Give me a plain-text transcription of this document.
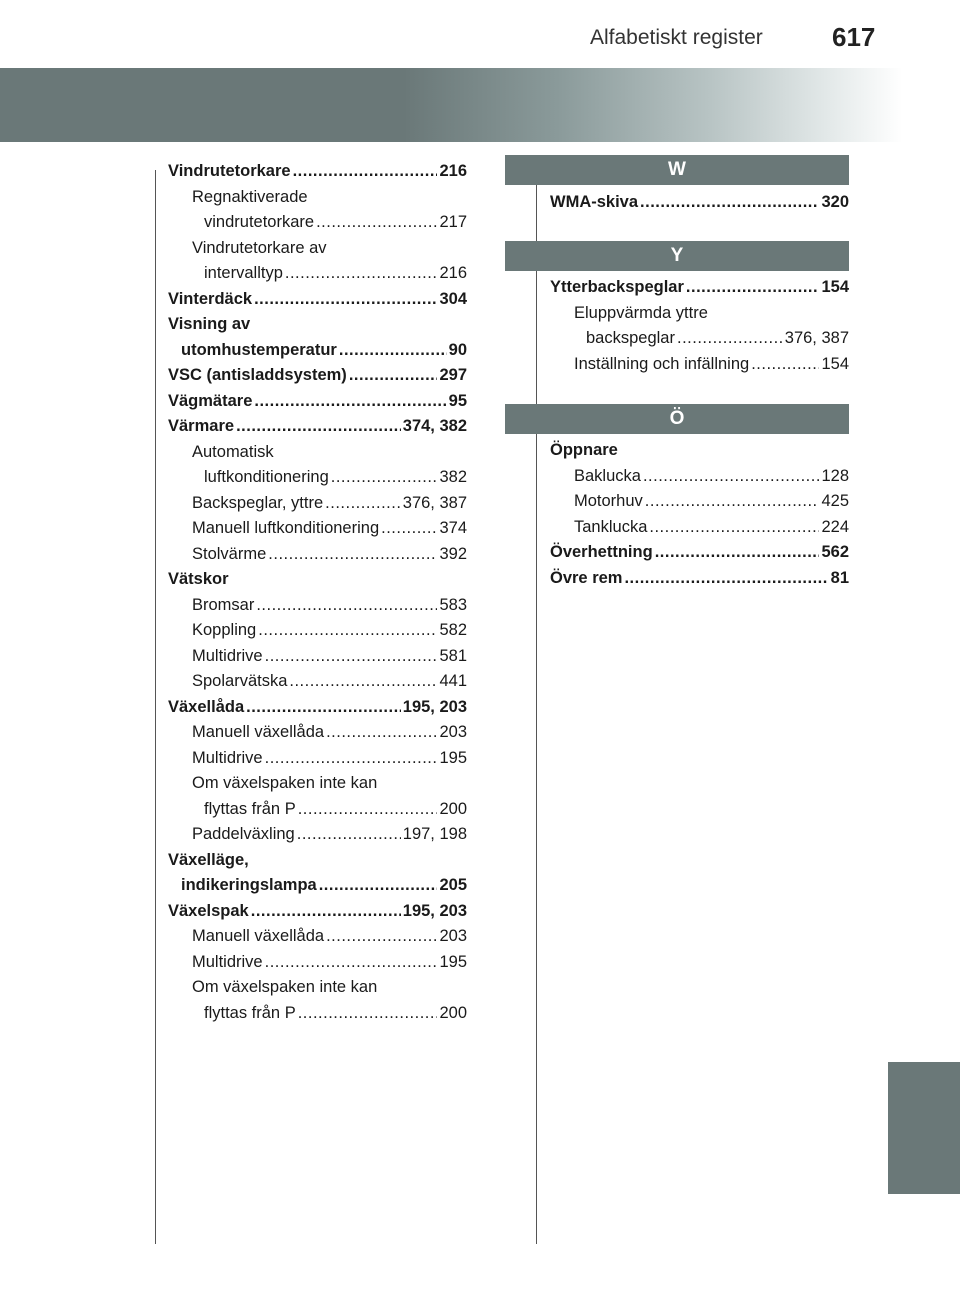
Alfabetiskt register	617
Vindrutetorkare .....	216
Regnaktiverade
vindrutetorkare .....	217
Vindrutetorkare av
intervalltyp .....	216
Vinterdäck .....	304
Visning av
utomhustemperatur .....	90
VSC (antisladdsystem) .....	297
Vägmätare .....	95
Värmare .....	374, 382
Automatisk
luftkonditionering .....	382
Backspeglar, yttre .....	376, 387
Manuell luftkonditionering .....	374
Stolvärme .....	392
Vätskor
Bromsar .....	583
Koppling .....	582
Multidrive .....	581
Spolarvätska .....	441
Växellåda .....	195, 203
Manuell växellåda .....	203
Multidrive .....	195
Om växelspaken inte kan
flyttas från P .....	200
Paddelväxling .....	197, 198
Växelläge,
indikeringslampa .....	205
Växelspak .....	195, 203
Manuell växellåda .....	203
Multidrive .....	195
Om växelspaken inte kan
flyttas från P .....	200
W
WMA-skiva .....	320
Y
Ytterbackspeglar .....	154
Eluppvärmda yttre
backspeglar .....	376, 387
Inställning och infällning .....	154
Ö
Öppnare
Baklucka .....	128
Motorhuv .....	425
Tanklucka .....	224
Överhettning .....	562
Övre rem .....	81
